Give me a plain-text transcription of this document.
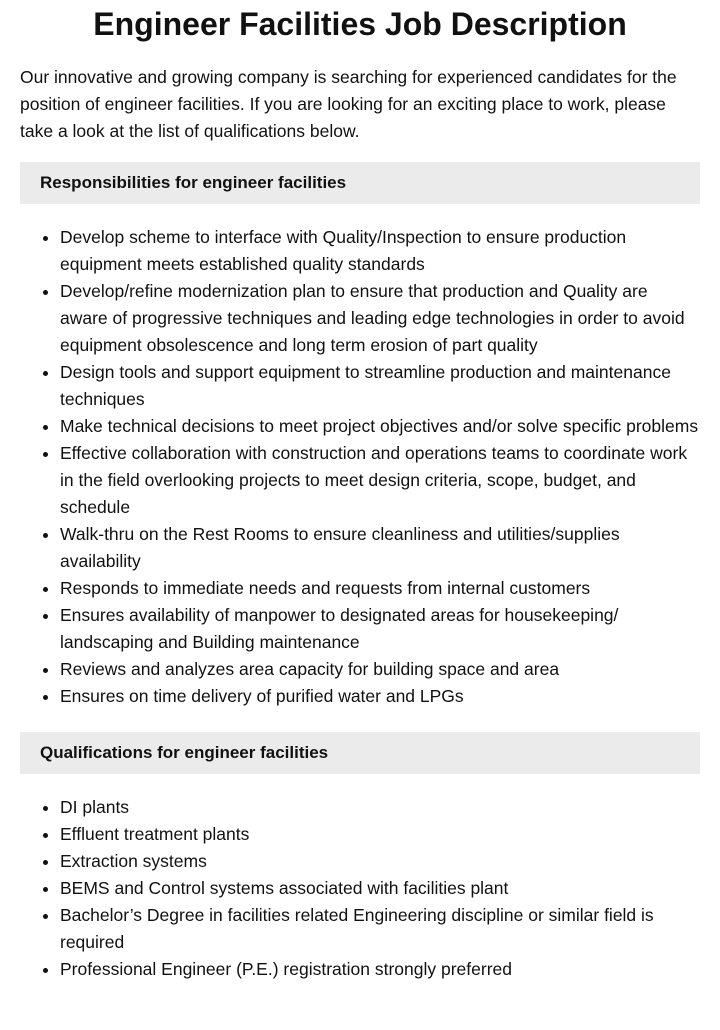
Engineer Facilities Job Description

Our innovative and growing company is searching for experienced candidates for the position of engineer facilities. If you are looking for an exciting place to work, please take a look at the list of qualifications below.

Responsibilities for engineer facilities
• Develop scheme to interface with Quality/Inspection to ensure production equipment meets established quality standards
• Develop/refine modernization plan to ensure that production and Quality are aware of progressive techniques and leading edge technologies in order to avoid equipment obsolescence and long term erosion of part quality
• Design tools and support equipment to streamline production and maintenance techniques
• Make technical decisions to meet project objectives and/or solve specific problems
• Effective collaboration with construction and operations teams to coordinate work in the field overlooking projects to meet design criteria, scope, budget, and schedule
• Walk-thru on the Rest Rooms to ensure cleanliness and utilities/supplies availability
• Responds to immediate needs and requests from internal customers
• Ensures availability of manpower to designated areas for housekeeping/ landscaping and Building maintenance
• Reviews and analyzes area capacity for building space and area
• Ensures on time delivery of purified water and LPGs
Qualifications for engineer facilities
• DI plants
• Effluent treatment plants
• Extraction systems
• BEMS and Control systems associated with facilities plant
• Bachelor’s Degree in facilities related Engineering discipline or similar field is required
• Professional Engineer (P.E.) registration strongly preferred
